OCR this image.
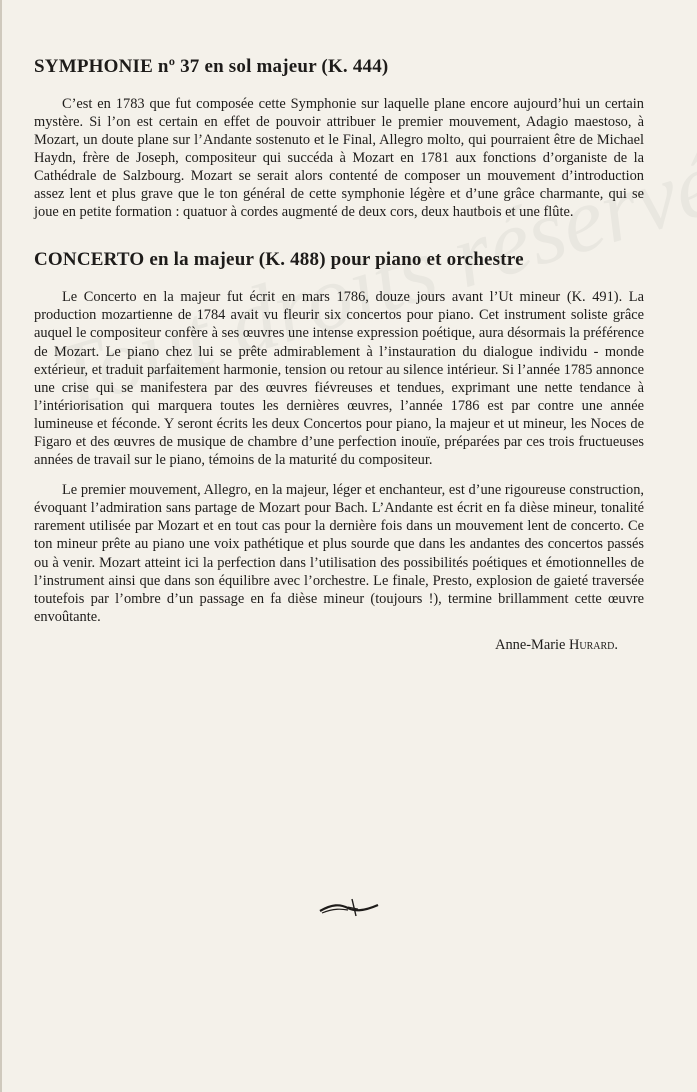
SYMPHONIE nº 37 en sol majeur (K. 444)

C’est en 1783 que fut composée cette Symphonie sur laquelle plane encore aujourd’hui un certain mystère. Si l’on est certain en effet de pouvoir attribuer le premier mouvement, Adagio maestoso, à Mozart, un doute plane sur l’Andante sostenuto et le Final, Allegro molto, qui pourraient être de Michael Haydn, frère de Joseph, compositeur qui succéda à Mozart en 1781 aux fonctions d’organiste de la Cathédrale de Salzbourg. Mozart se serait alors contenté de composer un mouvement d’introduction assez lent et plus grave que le ton général de cette symphonie légère et d’une grâce charmante, qui se joue en petite formation : quatuor à cordes augmenté de deux cors, deux hautbois et une flûte.

CONCERTO en la majeur (K. 488) pour piano et orchestre

Le Concerto en la majeur fut écrit en mars 1786, douze jours avant l’Ut mineur (K. 491). La production mozartienne de 1784 avait vu fleurir six concertos pour piano. Cet instrument soliste grâce auquel le compositeur confère à ses œuvres une intense expression poétique, aura désormais la préférence de Mozart. Le piano chez lui se prête admirablement à l’instauration du dialogue individu - monde extérieur, et traduit parfaitement harmonie, tension ou retour au silence intérieur. Si l’année 1785 annonce une crise qui se manifestera par des œuvres fiévreuses et tendues, exprimant une nette tendance à l’intériorisation qui marquera toutes les dernières œuvres, l’année 1786 est par contre une année lumineuse et féconde. Y seront écrits les deux Concertos pour piano, la majeur et ut mineur, les Noces de Figaro et des œuvres de musique de chambre d’une perfection inouïe, préparées par ces trois fructueuses années de travail sur le piano, témoins de la maturité du compositeur.

Le premier mouvement, Allegro, en la majeur, léger et enchanteur, est d’une rigoureuse construction, évoquant l’admiration sans partage de Mozart pour Bach. L’Andante est écrit en fa dièse mineur, tonalité rarement utilisée par Mozart et en tout cas pour la dernière fois dans un mouvement lent de concerto. Ce ton mineur prête au piano une voix pathétique et plus sourde que dans les andantes des concertos passés ou à venir. Mozart atteint ici la perfection dans l’utilisation des possibilités poétiques et émotionnelles de l’instrument ainsi que dans son équilibre avec l’orchestre. Le finale, Presto, explosion de gaieté traversée toutefois par l’ombre d’un passage en fa dièse mineur (toujours !), termine brillamment cette œuvre envoûtante.

Anne-Marie Hurard.
